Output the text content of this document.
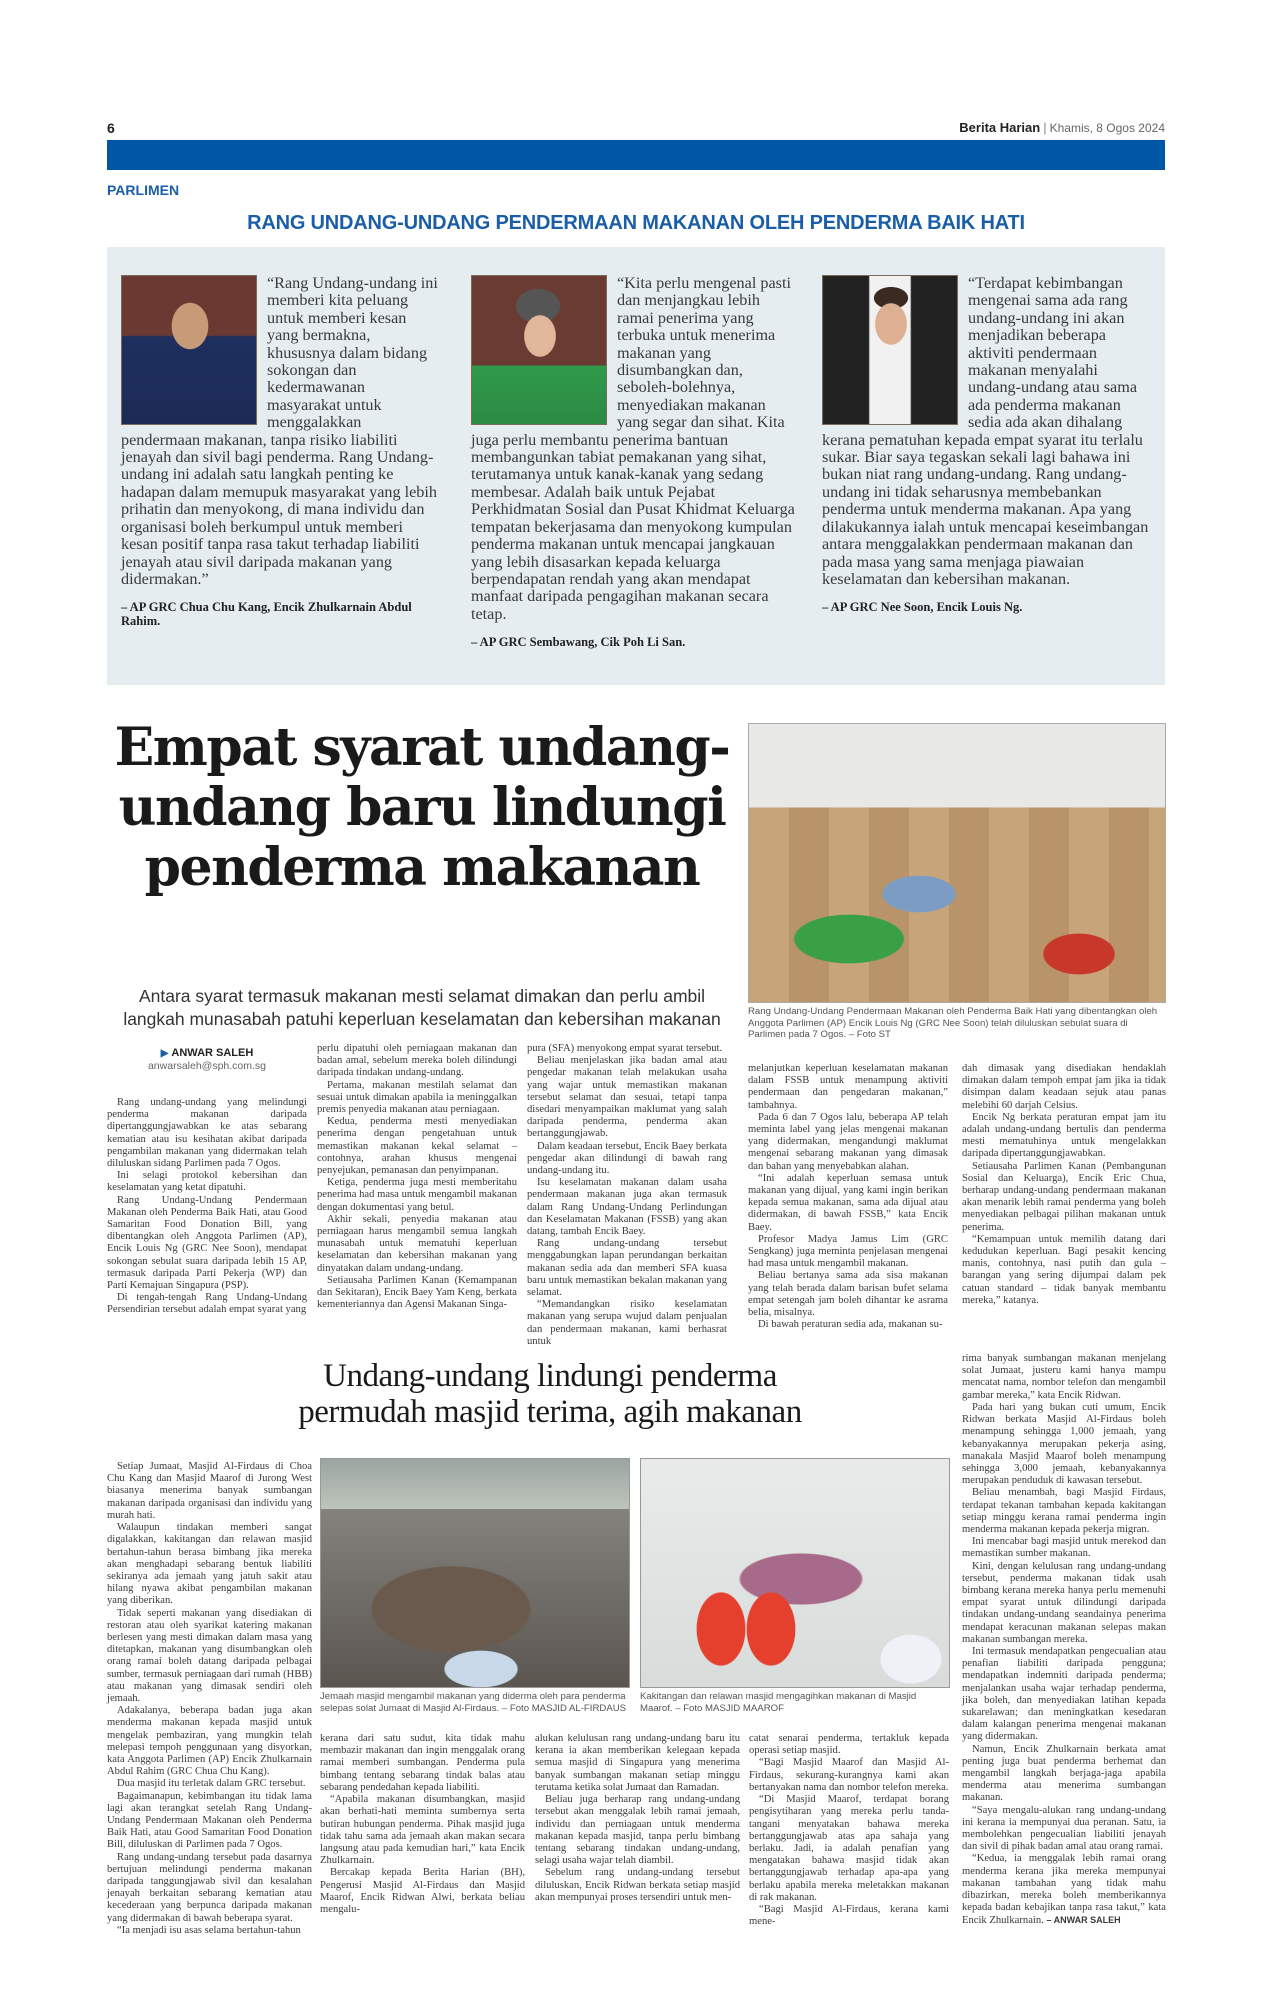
6	Berita Harian | Khamis, 8 Ogos 2024
PARLIMEN
RANG UNDANG-UNDANG PENDERMAAN MAKANAN OLEH PENDERMA BAIK HATI

“Rang Undang-undang ini memberi kita peluang untuk memberi kesan yang bermakna, khususnya dalam bidang sokongan dan kedermawanan masyarakat untuk menggalakkan pendermaan makanan, tanpa risiko liabiliti jenayah dan sivil bagi penderma. Rang Undang-undang ini adalah satu langkah penting ke hadapan dalam memupuk masyarakat yang lebih prihatin dan menyokong, di mana individu dan organisasi boleh berkumpul untuk memberi kesan positif tanpa rasa takut terhadap liabiliti jenayah atau sivil daripada makanan yang didermakan.”

– AP GRC Chua Chu Kang, Encik Zhulkarnain Abdul Rahim.

“Kita perlu mengenal pasti dan menjangkau lebih ramai penerima yang terbuka untuk menerima makanan yang disumbangkan dan, seboleh-bolehnya, menyediakan makanan yang segar dan sihat. Kita juga perlu membantu penerima bantuan membangunkan tabiat pemakanan yang sihat, terutamanya untuk kanak-kanak yang sedang membesar. Adalah baik untuk Pejabat Perkhidmatan Sosial dan Pusat Khidmat Keluarga tempatan bekerjasama dan menyokong kumpulan penderma makanan untuk mencapai jangkauan yang lebih disasarkan kepada keluarga berpendapatan rendah yang akan mendapat manfaat daripada pengagihan makanan secara tetap.

– AP GRC Sembawang, Cik Poh Li San.

“Terdapat kebimbangan mengenai sama ada rang undang-undang ini akan menjadikan beberapa aktiviti pendermaan makanan menyalahi undang-undang atau sama ada penderma makanan sedia ada akan dihalang kerana pematuhan kepada empat syarat itu terlalu sukar. Biar saya tegaskan sekali lagi bahawa ini bukan niat rang undang-undang. Rang undang-undang ini tidak seharusnya membebankan penderma untuk menderma makanan. Apa yang dilakukannya ialah untuk mencapai keseimbangan antara menggalakkan pendermaan makanan dan pada masa yang sama menjaga piawaian keselamatan dan kebersihan makanan.

– AP GRC Nee Soon, Encik Louis Ng.
Empat syarat undang-undang baru lindungi penderma makanan
Antara syarat termasuk makanan mesti selamat dimakan dan perlu ambil langkah munasabah patuhi keperluan keselamatan dan kebersihan makanan
▶ ANWAR SALEH
anwarsaleh@sph.com.sg
Rang Undang-Undang Pendermaan Makanan oleh Penderma Baik Hati yang dibentangkan oleh Anggota Parlimen (AP) Encik Louis Ng (GRC Nee Soon) telah diluluskan sebulat suara di Parlimen pada 7 Ogos. – Foto ST

Rang undang-undang yang melindungi penderma makanan daripada dipertanggungjawabkan ke atas sebarang kematian atau isu kesihatan akibat daripada pengambilan makanan yang didermakan telah diluluskan sidang Parlimen pada 7 Ogos.

Ini selagi protokol kebersihan dan keselamatan yang ketat dipatuhi.

Rang Undang-Undang Pendermaan Makanan oleh Penderma Baik Hati, atau Good Samaritan Food Donation Bill, yang dibentangkan oleh Anggota Parlimen (AP), Encik Louis Ng (GRC Nee Soon), mendapat sokongan sebulat suara daripada lebih 15 AP, termasuk daripada Parti Pekerja (WP) dan Parti Kemajuan Singapura (PSP).

Di tengah-tengah Rang Undang-Undang Persendirian tersebut adalah empat syarat yang

perlu dipatuhi oleh perniagaan makanan dan badan amal, sebelum mereka boleh dilindungi daripada tindakan undang-undang.

Pertama, makanan mestilah selamat dan sesuai untuk dimakan apabila ia meninggalkan premis penyedia makanan atau perniagaan.

Kedua, penderma mesti menyediakan penerima dengan pengetahuan untuk memastikan makanan kekal selamat – contohnya, arahan khusus mengenai penyejukan, pemanasan dan penyimpanan.

Ketiga, penderma juga mesti memberitahu penerima had masa untuk mengambil makanan dengan dokumentasi yang betul.

Akhir sekali, penyedia makanan atau perniagaan harus mengambil semua langkah munasabah untuk mematuhi keperluan keselamatan dan kebersihan makanan yang dinyatakan dalam undang-undang.

Setiausaha Parlimen Kanan (Kemampanan dan Sekitaran), Encik Baey Yam Keng, berkata kementeriannya dan Agensi Makanan Singa-

pura (SFA) menyokong empat syarat tersebut.

Beliau menjelaskan jika badan amal atau pengedar makanan telah melakukan usaha yang wajar untuk memastikan makanan tersebut selamat dan sesuai, tetapi tanpa disedari menyampaikan maklumat yang salah daripada penderma, penderma akan bertanggungjawab.

Dalam keadaan tersebut, Encik Baey berkata pengedar akan dilindungi di bawah rang undang-undang itu.

Isu keselamatan makanan dalam usaha pendermaan makanan juga akan termasuk dalam Rang Undang-Undang Perlindungan dan Keselamatan Makanan (FSSB) yang akan datang, tambah Encik Baey.

Rang undang-undang tersebut menggabungkan lapan perundangan berkaitan makanan sedia ada dan memberi SFA kuasa baru untuk memastikan bekalan makanan yang selamat.

“Memandangkan risiko keselamatan makanan yang serupa wujud dalam penjualan dan pendermaan makanan, kami berhasrat untuk

melanjutkan keperluan keselamatan makanan dalam FSSB untuk menampung aktiviti pendermaan dan pengedaran makanan,” tambahnya.

Pada 6 dan 7 Ogos lalu, beberapa AP telah meminta label yang jelas mengenai makanan yang didermakan, mengandungi maklumat mengenai sebarang makanan yang dimasak dan bahan yang menyebabkan alahan.

“Ini adalah keperluan semasa untuk makanan yang dijual, yang kami ingin berikan kepada semua makanan, sama ada dijual atau didermakan, di bawah FSSB,” kata Encik Baey.

Profesor Madya Jamus Lim (GRC Sengkang) juga meminta penjelasan mengenai had masa untuk mengambil makanan.

Beliau bertanya sama ada sisa makanan yang telah berada dalam barisan bufet selama empat setengah jam boleh dihantar ke asrama belia, misalnya.

Di bawah peraturan sedia ada, makanan su-

dah dimasak yang disediakan hendaklah dimakan dalam tempoh empat jam jika ia tidak disimpan dalam keadaan sejuk atau panas melebihi 60 darjah Celsius.

Encik Ng berkata peraturan empat jam itu adalah undang-undang bertulis dan penderma mesti mematuhinya untuk mengelakkan daripada dipertanggungjawabkan.

Setiausaha Parlimen Kanan (Pembangunan Sosial dan Keluarga), Encik Eric Chua, berharap undang-undang pendermaan makanan akan menarik lebih ramai penderma yang boleh menyediakan pelbagai pilihan makanan untuk penerima.

“Kemampuan untuk memilih datang dari kedudukan keperluan. Bagi pesakit kencing manis, contohnya, nasi putih dan gula – barangan yang sering dijumpai dalam pek catuan standard – tidak banyak membantu mereka,” katanya.

Undang-undang lindungi penderma
permudah masjid terima, agih makanan
Jemaah masjid mengambil makanan yang diderma oleh para penderma selepas solat Jumaat di Masjid Al-Firdaus. – Foto MASJID AL-FIRDAUS
Kakitangan dan relawan masjid mengagihkan makanan di Masjid Maarof. – Foto MASJID MAAROF

Setiap Jumaat, Masjid Al-Firdaus di Choa Chu Kang dan Masjid Maarof di Jurong West biasanya menerima banyak sumbangan makanan daripada organisasi dan individu yang murah hati.

Walaupun tindakan memberi sangat digalakkan, kakitangan dan relawan masjid bertahun-tahun berasa bimbang jika mereka akan menghadapi sebarang bentuk liabiliti sekiranya ada jemaah yang jatuh sakit atau hilang nyawa akibat pengambilan makanan yang diberikan.

Tidak seperti makanan yang disediakan di restoran atau oleh syarikat katering makanan berlesen yang mesti dimakan dalam masa yang ditetapkan, makanan yang disumbangkan oleh orang ramai boleh datang daripada pelbagai sumber, termasuk perniagaan dari rumah (HBB) atau makanan yang dimasak sendiri oleh jemaah.

Adakalanya, beberapa badan juga akan menderma makanan kepada masjid untuk mengelak pembaziran, yang mungkin telah melepasi tempoh penggunaan yang disyorkan, kata Anggota Parlimen (AP) Encik Zhulkarnain Abdul Rahim (GRC Chua Chu Kang).

Dua masjid itu terletak dalam GRC tersebut.

Bagaimanapun, kebimbangan itu tidak lama lagi akan terangkat setelah Rang Undang-Undang Pendermaan Makanan oleh Penderma Baik Hati, atau Good Samaritan Food Donation Bill, diluluskan di Parlimen pada 7 Ogos.

Rang undang-undang tersebut pada dasarnya bertujuan melindungi penderma makanan daripada tanggungjawab sivil dan kesalahan jenayah berkaitan sebarang kematian atau kecederaan yang berpunca daripada makanan yang didermakan di bawah beberapa syarat.

“Ia menjadi isu asas selama bertahun-tahun

kerana dari satu sudut, kita tidak mahu membazir makanan dan ingin menggalak orang ramai memberi sumbangan. Penderma pula bimbang tentang sebarang tindak balas atau sebarang pendedahan kepada liabiliti.

“Apabila makanan disumbangkan, masjid akan berhati-hati meminta sumbernya serta butiran hubungan penderma. Pihak masjid juga tidak tahu sama ada jemaah akan makan secara langsung atau pada kemudian hari,” kata Encik Zhulkarnain.

Bercakap kepada Berita Harian (BH), Pengerusi Masjid Al-Firdaus dan Masjid Maarof, Encik Ridwan Alwi, berkata beliau mengalu-

alukan kelulusan rang undang-undang baru itu kerana ia akan memberikan kelegaan kepada semua masjid di Singapura yang menerima banyak sumbangan makanan setiap minggu terutama ketika solat Jumaat dan Ramadan.

Beliau juga berharap rang undang-undang tersebut akan menggalak lebih ramai jemaah, individu dan perniagaan untuk menderma makanan kepada masjid, tanpa perlu bimbang tentang sebarang tindakan undang-undang, selagi usaha wajar telah diambil.

Sebelum rang undang-undang tersebut diluluskan, Encik Ridwan berkata setiap masjid akan mempunyai proses tersendiri untuk men-

catat senarai penderma, tertakluk kepada operasi setiap masjid.

“Bagi Masjid Maarof dan Masjid Al-Firdaus, sekurang-kurangnya kami akan bertanyakan nama dan nombor telefon mereka.

“Di Masjid Maarof, terdapat borang pengisytiharan yang mereka perlu tanda-tangani menyatakan bahawa mereka bertanggungjawab atas apa sahaja yang berlaku. Jadi, ia adalah penafian yang mengatakan bahawa masjid tidak akan bertanggungjawab terhadap apa-apa yang berlaku apabila mereka meletakkan makanan di rak makanan.

“Bagi Masjid Al-Firdaus, kerana kami mene-

rima banyak sumbangan makanan menjelang solat Jumaat, justeru kami hanya mampu mencatat nama, nombor telefon dan mengambil gambar mereka,” kata Encik Ridwan.

Pada hari yang bukan cuti umum, Encik Ridwan berkata Masjid Al-Firdaus boleh menampung sehingga 1,000 jemaah, yang kebanyakannya merupakan pekerja asing, manakala Masjid Maarof boleh menampung sehingga 3,000 jemaah, kebanyakannya merupakan penduduk di kawasan tersebut.

Beliau menambah, bagi Masjid Firdaus, terdapat tekanan tambahan kepada kakitangan setiap minggu kerana ramai penderma ingin menderma makanan kepada pekerja migran.

Ini mencabar bagi masjid untuk merekod dan memastikan sumber makanan.

Kini, dengan kelulusan rang undang-undang tersebut, penderma makanan tidak usah bimbang kerana mereka hanya perlu memenuhi empat syarat untuk dilindungi daripada tindakan undang-undang seandainya penerima mendapat keracunan makanan selepas makan makanan sumbangan mereka.

Ini termasuk mendapatkan pengecualian atau penafian liabiliti daripada pengguna; mendapatkan indemniti daripada penderma; menjalankan usaha wajar terhadap penderma, jika boleh, dan menyediakan latihan kepada sukarelawan; dan meningkatkan kesedaran dalam kalangan penerima mengenai makanan yang didermakan.

Namun, Encik Zhulkarnain berkata amat penting juga buat penderma berhemat dan mengambil langkah berjaga-jaga apabila menderma atau menerima sumbangan makanan.

“Saya mengalu-alukan rang undang-undang ini kerana ia mempunyai dua peranan. Satu, ia membolehkan pengecualian liabiliti jenayah dan sivil di pihak badan amal atau orang ramai.

“Kedua, ia menggalak lebih ramai orang menderma kerana jika mereka mempunyai makanan tambahan yang tidak mahu dibazirkan, mereka boleh memberikannya kepada badan kebajikan tanpa rasa takut,” kata Encik Zhulkarnain. – ANWAR SALEH
